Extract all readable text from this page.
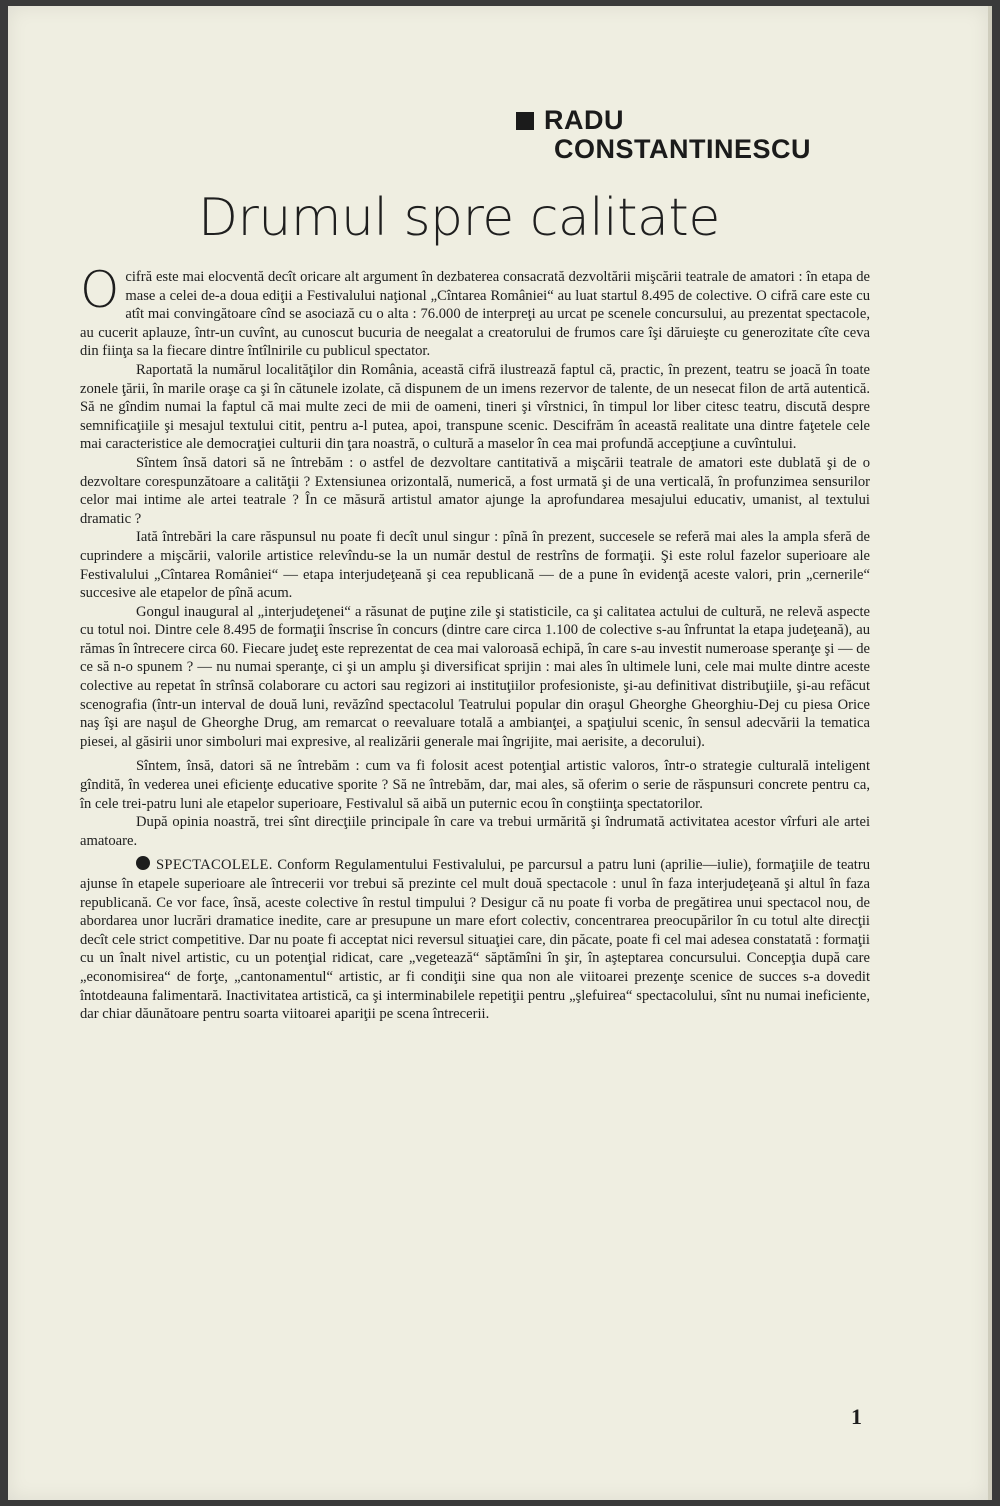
RADU
CONSTANTINESCU
Drumul spre calitate

Ocifră este mai elocventă decît oricare alt argument în dezbaterea consacrată dezvoltării mişcării teatrale de amatori : în etapa de mase a celei de-a doua ediţii a Festivalului naţional „Cîntarea României“ au luat startul 8.495 de colective. O cifră care este cu atît mai convingătoare cînd se asociază cu o alta : 76.000 de interpreţi au urcat pe scenele concursului, au prezentat spectacole, au cucerit aplauze, într-un cuvînt, au cunoscut bucuria de neegalat a creatorului de frumos care îşi dăruieşte cu generozitate cîte ceva din fiinţa sa la fiecare dintre întîlnirile cu publicul spectator.

Raportată la numărul localităţilor din România, această cifră ilustrează faptul că, practic, în prezent, teatru se joacă în toate zonele ţării, în marile oraşe ca şi în cătunele izolate, că dispunem de un imens rezervor de talente, de un nesecat filon de artă autentică. Să ne gîndim numai la faptul că mai multe zeci de mii de oameni, tineri şi vîrstnici, în timpul lor liber citesc teatru, discută despre semnificaţiile şi mesajul textului citit, pentru a-l putea, apoi, transpune scenic. Descifrăm în această realitate una dintre faţetele cele mai caracteristice ale democraţiei culturii din ţara noastră, o cultură a maselor în cea mai profundă accepţiune a cuvîntului.

Sîntem însă datori să ne întrebăm : o astfel de dezvoltare cantitativă a mişcării teatrale de amatori este dublată şi de o dezvoltare corespunzătoare a calităţii ? Extensiunea orizontală, numerică, a fost urmată şi de una verticală, în profunzimea sensurilor celor mai intime ale artei teatrale ? În ce măsură artistul amator ajunge la aprofundarea mesajului educativ, umanist, al textului dramatic ?

Iată întrebări la care răspunsul nu poate fi decît unul singur : pînă în prezent, succesele se referă mai ales la ampla sferă de cuprindere a mişcării, valorile artistice relevîndu-se la un număr destul de restrîns de formaţii. Şi este rolul fazelor superioare ale Festivalului „Cîntarea României“ — etapa interjudeţeană şi cea republicană — de a pune în evidenţă aceste valori, prin „cernerile“ succesive ale etapelor de pînă acum.

Gongul inaugural al „interjudeţenei“ a răsunat de puţine zile şi statisticile, ca şi calitatea actului de cultură, ne relevă aspecte cu totul noi. Dintre cele 8.495 de formaţii înscrise în concurs (dintre care circa 1.100 de colective s-au înfruntat la etapa judeţeană), au rămas în întrecere circa 60. Fiecare judeţ este reprezentat de cea mai valoroasă echipă, în care s-au investit numeroase speranţe şi — de ce să n-o spunem ? — nu numai speranţe, ci şi un amplu şi diversificat sprijin : mai ales în ultimele luni, cele mai multe dintre aceste colective au repetat în strînsă colaborare cu actori sau regizori ai instituţiilor profesioniste, şi-au definitivat distribuţiile, şi-au refăcut scenografia (într-un interval de două luni, revăzînd spectacolul Teatrului popular din oraşul Gheorghe Gheorghiu-Dej cu piesa Orice naş îşi are naşul de Gheorghe Drug, am remarcat o reevaluare totală a ambianţei, a spaţiului scenic, în sensul adecvării la tematica piesei, al găsirii unor simboluri mai expresive, al realizării generale mai îngrijite, mai aerisite, a decorului).

Sîntem, însă, datori să ne întrebăm : cum va fi folosit acest potenţial artistic valoros, într-o strategie culturală inteligent gîndită, în vederea unei eficienţe educative sporite ? Să ne întrebăm, dar, mai ales, să oferim o serie de răspunsuri concrete pentru ca, în cele trei-patru luni ale etapelor superioare, Festivalul să aibă un puternic ecou în conştiinţa spectatorilor.

După opinia noastră, trei sînt direcţiile principale în care va trebui urmărită şi îndrumată activitatea acestor vîrfuri ale artei amatoare.

SPECTACOLELE. Conform Regulamentului Festivalului, pe parcursul a patru luni (aprilie—iulie), formaţiile de teatru ajunse în etapele superioare ale întrecerii vor trebui să prezinte cel mult două spectacole : unul în faza interjudeţeană şi altul în faza republicană. Ce vor face, însă, aceste colective în restul timpului ? Desigur că nu poate fi vorba de pregătirea unui spectacol nou, de abordarea unor lucrări dramatice inedite, care ar presupune un mare efort colectiv, concentrarea preocupărilor în cu totul alte direcţii decît cele strict competitive. Dar nu poate fi acceptat nici reversul situaţiei care, din păcate, poate fi cel mai adesea constatată : formaţii cu un înalt nivel artistic, cu un potenţial ridicat, care „vegetează“ săptămîni în şir, în aşteptarea concursului. Concepţia după care „economisirea“ de forţe, „cantonamentul“ artistic, ar fi condiţii sine qua non ale viitoarei prezenţe scenice de succes s-a dovedit întotdeauna falimentară. Inactivitatea artistică, ca şi interminabilele repetiţii pentru „şlefuirea“ spectacolului, sînt nu numai ineficiente, dar chiar dăunătoare pentru soarta viitoarei apariţii pe scena întrecerii.

1
